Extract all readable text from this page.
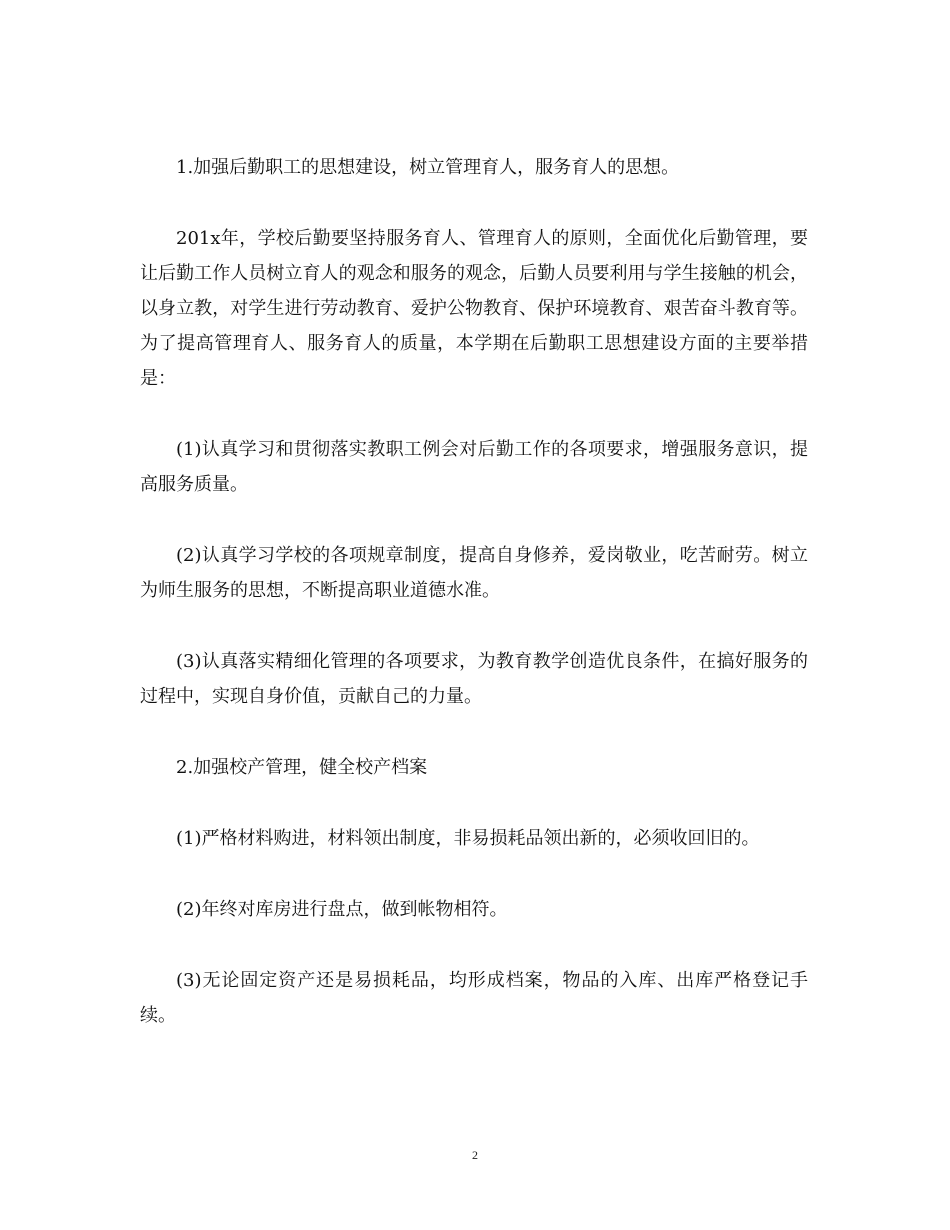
1.加强后勤职工的思想建设，树立管理育人，服务育人的思想。

201x年，学校后勤要坚持服务育人、管理育人的原则，全面优化后勤管理，要让后勤工作人员树立育人的观念和服务的观念，后勤人员要利用与学生接触的机会，以身立教，对学生进行劳动教育、爱护公物教育、保护环境教育、艰苦奋斗教育等。为了提高管理育人、服务育人的质量，本学期在后勤职工思想建设方面的主要举措是：

(1)认真学习和贯彻落实教职工例会对后勤工作的各项要求，增强服务意识，提高服务质量。

(2)认真学习学校的各项规章制度，提高自身修养，爱岗敬业，吃苦耐劳。树立为师生服务的思想，不断提高职业道德水准。

(3)认真落实精细化管理的各项要求，为教育教学创造优良条件，在搞好服务的过程中，实现自身价值，贡献自己的力量。

2.加强校产管理，健全校产档案

(1)严格材料购进，材料领出制度，非易损耗品领出新的，必须收回旧的。

(2)年终对库房进行盘点，做到帐物相符。

(3)无论固定资产还是易损耗品，均形成档案，物品的入库、出库严格登记手续。

2
